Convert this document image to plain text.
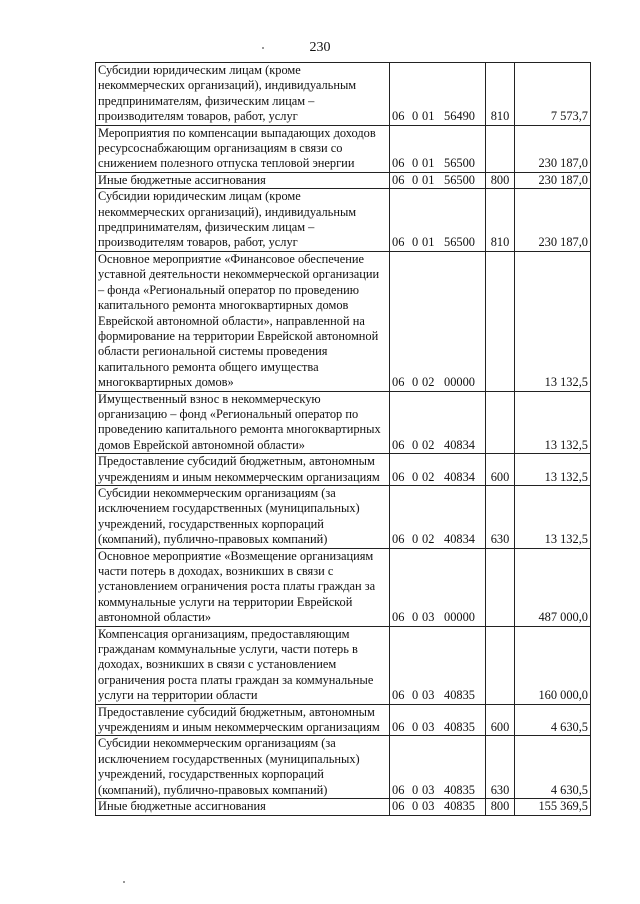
230
Субсидии юридическим лицам (кроме некоммерческих организаций), индивидуальным предпринимателям, физическим лицам – производителям товаров, работ, услуг	06 0 01 56490	810	7 573,7
Мероприятия по компенсации выпадающих доходов ресурсоснабжающим организациям в связи со снижением полезного отпуска тепловой энергии	06 0 01 56500		230 187,0
Иные бюджетные ассигнования	06 0 01 56500	800	230 187,0
Субсидии юридическим лицам (кроме некоммерческих организаций), индивидуальным предпринимателям, физическим лицам – производителям товаров, работ, услуг	06 0 01 56500	810	230 187,0
Основное мероприятие «Финансовое обеспечение уставной деятельности некоммерческой организации – фонда «Региональный оператор по проведению капитального ремонта многоквартирных домов Еврейской автономной области», направленной на формирование на территории Еврейской автономной области региональной системы проведения капитального ремонта общего имущества многоквартирных домов»	06 0 02 00000		13 132,5
Имущественный взнос в некоммерческую организацию – фонд «Региональный оператор по проведению капитального ремонта многоквартирных домов Еврейской автономной области»	06 0 02 40834		13 132,5
Предоставление субсидий бюджетным, автономным учреждениям и иным некоммерческим организациям	06 0 02 40834	600	13 132,5
Субсидии некоммерческим организациям (за исключением государственных (муниципальных) учреждений, государственных корпораций (компаний), публично-правовых компаний)	06 0 02 40834	630	13 132,5
Основное мероприятие «Возмещение организациям части потерь в доходах, возникших в связи с установлением ограничения роста платы граждан за коммунальные услуги на территории Еврейской автономной области»	06 0 03 00000		487 000,0
Компенсация организациям, предоставляющим гражданам коммунальные услуги, части потерь в доходах, возникших в связи с установлением ограничения роста платы граждан за коммунальные услуги на территории области	06 0 03 40835		160 000,0
Предоставление субсидий бюджетным, автономным учреждениям и иным некоммерческим организациям	06 0 03 40835	600	4 630,5
Субсидии некоммерческим организациям (за исключением государственных (муниципальных) учреждений, государственных корпораций (компаний), публично-правовых компаний)	06 0 03 40835	630	4 630,5
Иные бюджетные ассигнования	06 0 03 40835	800	155 369,5
